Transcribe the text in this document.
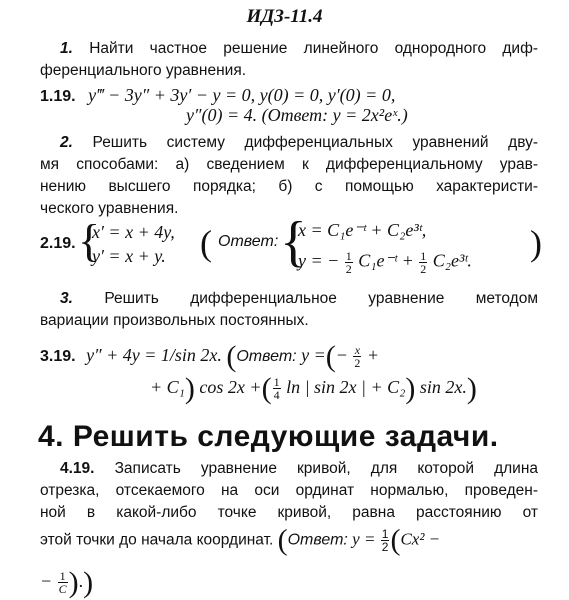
ИДЗ-11.4
1. Найти частное решение линейного однородного диф-
ференциального уравнения.
1.19. y‴ − 3y″ + 3y′ − y = 0, y(0) = 0, y′(0) = 0,
y″(0) = 4. (Ответ: y = 2x²eˣ.)
2. Решить систему дифференциальных уравнений дву-
мя способами: а) сведением к дифференциальному урав-
нению высшего порядка; б) с помощью характеристи-
ческого уравнения.
2.19. {
x′ = x + 4y,
y′ = x + y. ( Ответ: {
x = C₁e⁻ᵗ + C₂e³ᵗ,
y = − $\frac{1}{2}$ C₁e⁻ᵗ + $\frac{1}{2}$ C₂e³ᵗ. )
3. Решить дифференциальное уравнение методом
вариации произвольных постоянных.
3.19. y″ + 4y = 1/sin 2x. (Ответ: y =(− $\frac{x}{2}$ +
+ C₁) cos 2x +( $\frac{1}{4}$ ln | sin 2x | + C₂) sin 2x.)
4. Решить следующие задачи.
4.19. Записать уравнение кривой, для которой длина
отрезка, отсекаемого на оси ординат нормалью, проведен-
ной в какой-либо точке кривой, равна расстоянию от
этой точки до начала координат. (Ответ: $y = \frac{1}{2} (Cx^2$ −
− $\frac{1}{C}$ ).)
